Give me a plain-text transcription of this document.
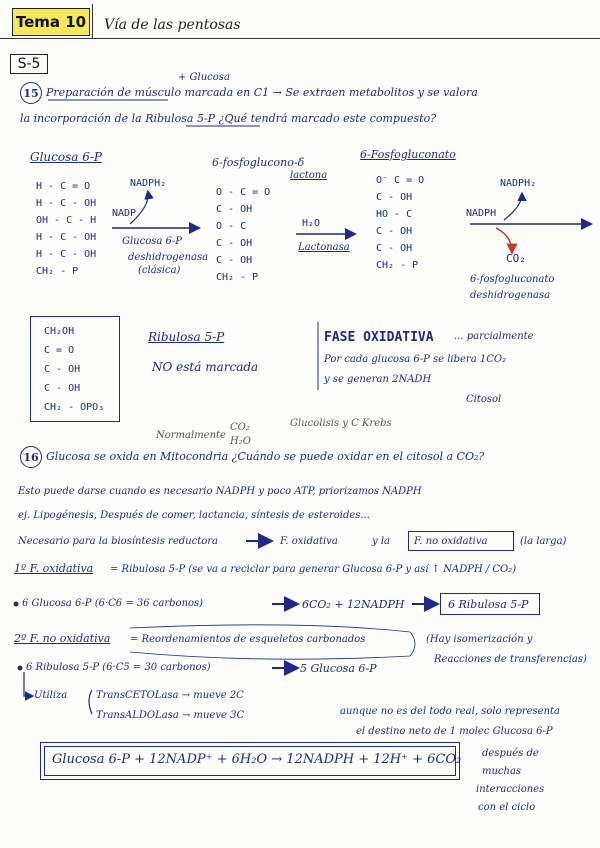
Tema 10 Vía de las pentosas
S-5
15
+ Glucosa
Preparación de músculo marcada en C1 → Se extraen metabolitos y se valora
la incorporación de la Ribulosa 5-P ¿Qué tendrá marcado este compuesto?
Glucosa 6-P
H - C = O
H - C - OH
OH - C - H
H - C - OH
H - C - OH
CH₂ - P
NADPH₂
NADP
Glucosa 6-P
deshidrogenasa
(clásica)
6-fosfoglucono-δ
lactona
O - C = O
C - OH
O - C
C - OH
C - OH
CH₂ - P
H₂O
Lactonasa
6-Fosfogluconato
O⁻ C = O
C - OH
HO - C
C - OH
C - OH
CH₂ - P
NADPH₂
NADPH
CO₂
6-fosfogluconato
deshidrogenasa
CH₂OH
C = O
C - OH
C - OH
CH₂ - OPO₃
Ribulosa 5-P
NO está marcada
FASE OXIDATIVA ... parcialmente
Por cada glucosa 6-P se libera 1CO₂
y se generan 2NADH
Citosol
Normalmente
CO₂
H₂O
Glucolisis y C Krebs
16 Glucosa se oxida en Mitocondria ¿Cuándo se puede oxidar en el citosol a CO₂?
Esto puede darse cuando es necesario NADPH y poco ATP, priorizamos NADPH
ej. Lipogénesis, Después de comer, lactancia, síntesis de esteroides...
Necesario para la biosíntesis reductora	F. oxidativa	y la F. no oxidativa	(la larga)
1º F. oxidativa = Ribulosa 5-P (se va a reciclar para generar Glucosa 6-P y así ↑ NADPH / CO₂)
6 Glucosa 6-P (6·C6 = 36 carbonos)	6CO₂ + 12NADPH	6 Ribulosa 5-P
2º F. no oxidativa = Reordenamientos de esqueletos carbonados	(Hay isomerización y
Reacciones de transferencias)
6 Ribulosa 5-P (6·C5 = 30 carbonos)	5 Glucosa 6-P
Utiliza	TransCETOLasa → mueve 2C
TransALDOLasa → mueve 3C	aunque no es del todo real, solo representa
el destino neto de 1 molec Glucosa 6-P
Glucosa 6-P + 12NADP⁺ + 6H₂O → 12NADPH + 12H⁺ + 6CO₂ después de
muchas
interacciones
con el ciclo
